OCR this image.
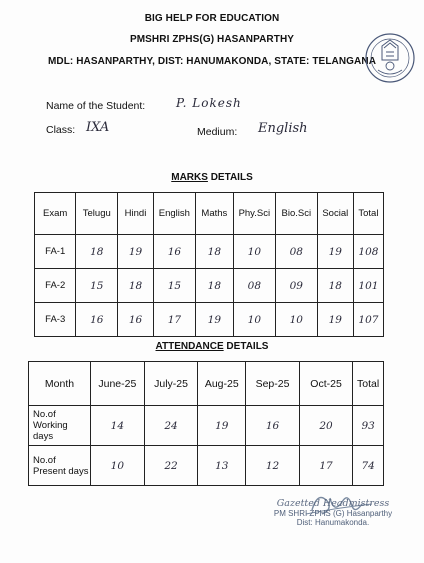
BIG HELP FOR EDUCATION
PMSHRI ZPHS(G) HASANPARTHY
MDL: HASANPARTHY, DIST: HANUMAKONDA, STATE: TELANGANA
Name of the Student:	P. Lokesh
Class: IXA	Medium: English
MARKS DETAILS
Exam	Telugu	Hindi	English	Maths	Phy.Sci	Bio.Sci	Social	Total
FA-1	18	19	16	18	10	08	19	108
FA-2	15	18	15	18	08	09	18	101
FA-3	16	16	17	19	10	10	19	107
ATTENDANCE DETAILS
Month	June-25	July-25	Aug-25	Sep-25	Oct-25	Total
No.of Working days	14	24	19	16	20	93
No.of Present days	10	22	13	12	17	74
Gazetted Headmistress
PM SHRI ZPHS (G) Hasanparthy
Dist: Hanumakonda.
